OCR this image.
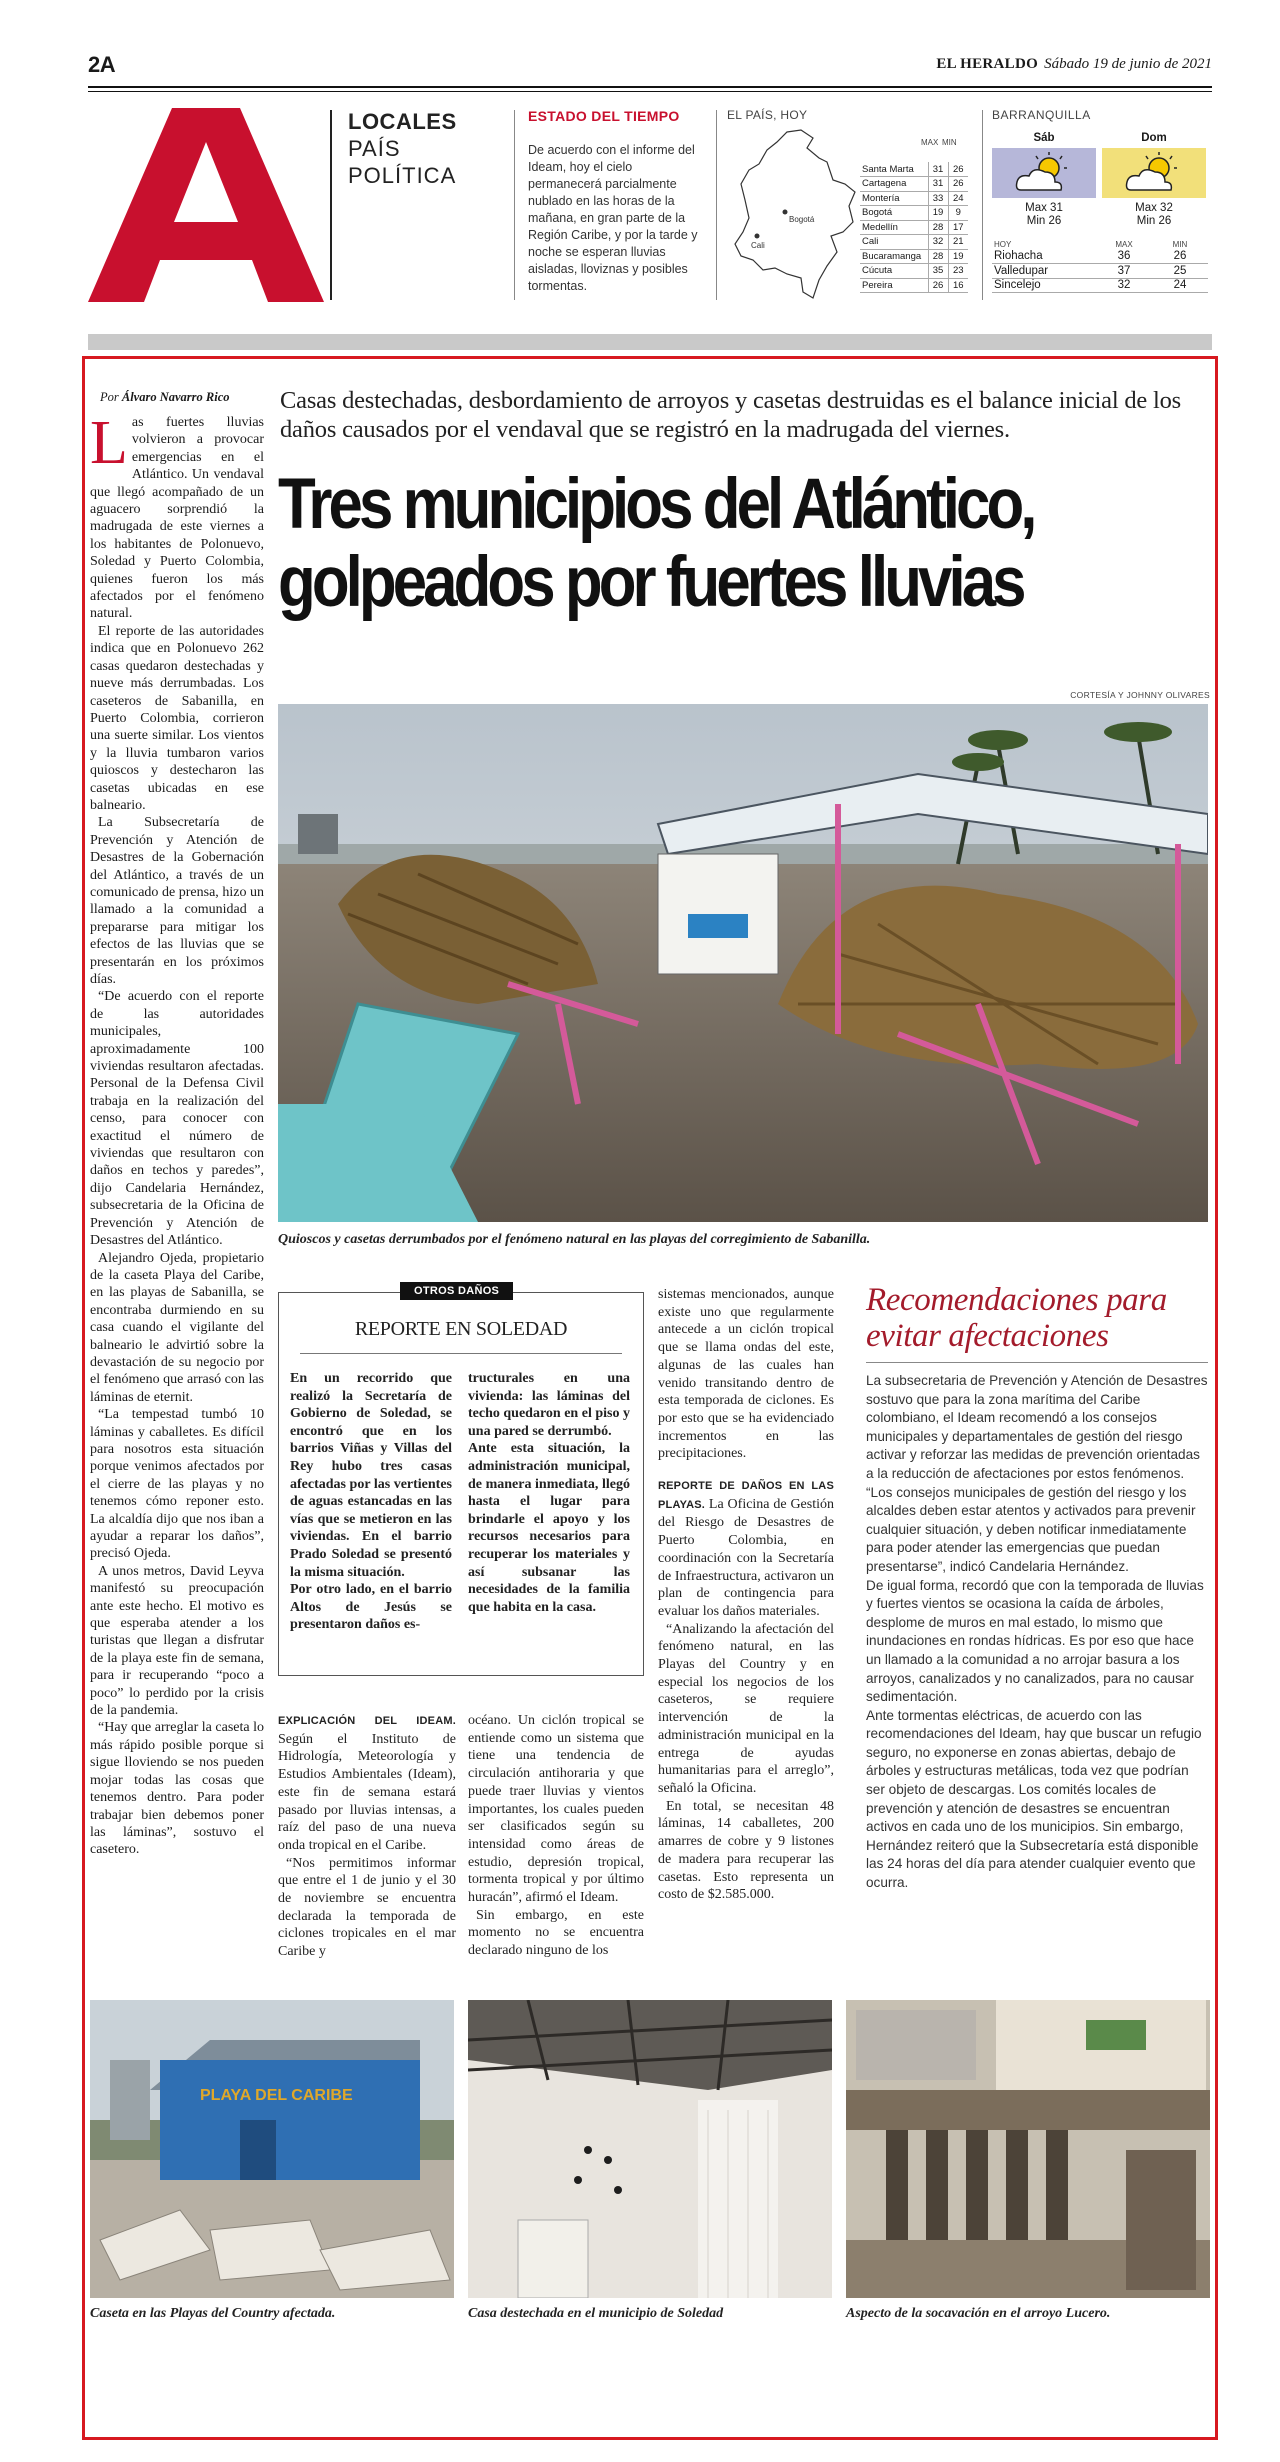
2A	EL HERALDO Sábado 19 de junio de 2021
LOCALES
PAÍS
POLÍTICA
ESTADO DEL TIEMPO
De acuerdo con el informe del Ideam, hoy el cielo permanecerá parcialmente nublado en las horas de la mañana, en gran parte de la Región Caribe, y por la tarde y noche se esperan lluvias aisladas, lloviznas y posibles tormentas.
EL PAÍS, HOY
Bogotá
Cali
MAX MIN
Santa Marta	31	26
Cartagena	31	26
Montería	33	24
Bogotá	19	9
Medellín	28	17
Cali	32	21
Bucaramanga	28	19
Cúcuta	35	23
Pereira	26	16
BARRANQUILLA
Sáb
Max 31
Min 26
Dom
Max 32
Min 26
HOY	MAX	MIN
Riohacha	36	26
Valledupar	37	25
Sincelejo	32	24
Por Álvaro Navarro Rico

Las fuertes lluvias volvieron a provocar emergencias en el Atlántico. Un vendaval que llegó acompañado de un aguacero sorprendió la madrugada de este viernes a los habitantes de Polonuevo, Soledad y Puerto Colombia, quienes fueron los más afectados por el fenómeno natural.

El reporte de las autoridades indica que en Polonuevo 262 casas quedaron destechadas y nueve más derrumbadas. Los caseteros de Sabanilla, en Puerto Colombia, corrieron una suerte similar. Los vientos y la lluvia tumbaron varios quioscos y destecharon las casetas ubicadas en ese balneario.

La Subsecretaría de Prevención y Atención de Desastres de la Gobernación del Atlántico, a través de un comunicado de prensa, hizo un llamado a la comunidad a prepararse para mitigar los efectos de las lluvias que se presentarán en los próximos días.

“De acuerdo con el reporte de las autoridades municipales, aproximadamente 100 viviendas resultaron afectadas. Personal de la Defensa Civil trabaja en la realización del censo, para conocer con exactitud el número de viviendas que resultaron con daños en techos y paredes”, dijo Candelaria Hernández, subsecretaria de la Oficina de Prevención y Atención de Desastres del Atlántico.

Alejandro Ojeda, propietario de la caseta Playa del Caribe, en las playas de Sabanilla, se encontraba durmiendo en su casa cuando el vigilante del balneario le advirtió sobre la devastación de su negocio por el fenómeno que arrasó con las láminas de eternit.

“La tempestad tumbó 10 láminas y caballetes. Es difícil para nosotros esta situación porque venimos afectados por el cierre de las playas y no tenemos cómo reponer esto. La alcaldía dijo que nos iban a ayudar a reparar los daños”, precisó Ojeda.

A unos metros, David Leyva manifestó su preocupación ante este hecho. El motivo es que esperaba atender a los turistas que llegan a disfrutar de la playa este fin de semana, para ir recuperando “poco a poco” lo perdido por la crisis de la pandemia.

“Hay que arreglar la caseta lo más rápido posible porque si sigue lloviendo se nos pueden mojar todas las cosas que tenemos dentro. Para poder trabajar bien debemos poner las láminas”, sostuvo el casetero.

Casas destechadas, desbordamiento de arroyos y casetas destruidas es el balance inicial de los daños causados por el vendaval que se registró en la madrugada del viernes.
Tres municipios del Atlántico,
golpeados por fuertes lluvias
CORTESÍA Y JOHNNY OLIVARES
Quioscos y casetas derrumbados por el fenómeno natural en las playas del corregimiento de Sabanilla.
OTROS DAÑOS
REPORTE EN SOLEDAD

En un recorrido que realizó la Secretaría de Gobierno de Soledad, se encontró que en los barrios Viñas y Villas del Rey hubo tres casas afectadas por las vertientes de aguas estancadas en las vías que se metieron en las viviendas. En el barrio Prado Soledad se presentó la misma situación.

Por otro lado, en el barrio Altos de Jesús se presentaron daños es-

tructurales en una vivienda: las láminas del techo quedaron en el piso y una pared se derrumbó.

Ante esta situación, la administración municipal, de manera inmediata, llegó hasta el lugar para brindarle el apoyo y los recursos necesarios para recuperar los materiales y así subsanar las necesidades de la familia que habita en la casa.

EXPLICACIÓN DEL IDEAM. Según el Instituto de Hidrología, Meteorología y Estudios Ambientales (Ideam), este fin de semana estará pasado por lluvias intensas, a raíz del paso de una nueva onda tropical en el Caribe.

“Nos permitimos informar que entre el 1 de junio y el 30 de noviembre se encuentra declarada la temporada de ciclones tropicales en el mar Caribe y

océano. Un ciclón tropical se entiende como un sistema que tiene una tendencia de circulación antihoraria y que puede traer lluvias y vientos importantes, los cuales pueden ser clasificados según su intensidad como áreas de estudio, depresión tropical, tormenta tropical y por último huracán”, afirmó el Ideam.

Sin embargo, en este momento no se encuentra declarado ninguno de los

sistemas mencionados, aunque existe uno que regularmente antecede a un ciclón tropical que se llama ondas del este, algunas de las cuales han venido transitando dentro de esta temporada de ciclones. Es por esto que se ha evidenciado incrementos en las precipitaciones.

REPORTE DE DAÑOS EN LAS PLAYAS. La Oficina de Gestión del Riesgo de Desastres de Puerto Colombia, en coordinación con la Secretaría de Infraestructura, activaron un plan de contingencia para evaluar los daños materiales.

“Analizando la afectación del fenómeno natural, en las Playas del Country y en especial los negocios de los caseteros, se requiere intervención de la administración municipal en la entrega de ayudas humanitarias para el arreglo”, señaló la Oficina.

En total, se necesitan 48 láminas, 14 caballetes, 200 amarres de cobre y 9 listones de madera para recuperar las casetas. Esto representa un costo de $2.585.000.

Recomendaciones para evitar afectaciones

La subsecretaria de Prevención y Atención de Desastres sostuvo que para la zona marítima del Caribe colombiano, el Ideam recomendó a los consejos municipales y departamentales de gestión del riesgo activar y reforzar las medidas de prevención orientadas a la reducción de afectaciones por estos fenómenos.

“Los consejos municipales de gestión del riesgo y los alcaldes deben estar atentos y activados para prevenir cualquier situación, y deben notificar inmediatamente para poder atender las emergencias que puedan presentarse”, indicó Candelaria Hernández.

De igual forma, recordó que con la temporada de lluvias y fuertes vientos se ocasiona la caída de árboles, desplome de muros en mal estado, lo mismo que inundaciones en rondas hídricas. Es por eso que hace un llamado a la comunidad a no arrojar basura a los arroyos, canalizados y no canalizados, para no causar sedimentación.

Ante tormentas eléctricas, de acuerdo con las recomendaciones del Ideam, hay que buscar un refugio seguro, no exponerse en zonas abiertas, debajo de árboles y estructuras metálicas, toda vez que podrían ser objeto de descargas. Los comités locales de prevención y atención de desastres se encuentran activos en cada uno de los municipios. Sin embargo, Hernández reiteró que la Subsecretaría está disponible las 24 horas del día para atender cualquier evento que ocurra.

PLAYA DEL CARIBE
Caseta en las Playas del Country afectada.	Casa destechada en el municipio de Soledad	Aspecto de la socavación en el arroyo Lucero.
